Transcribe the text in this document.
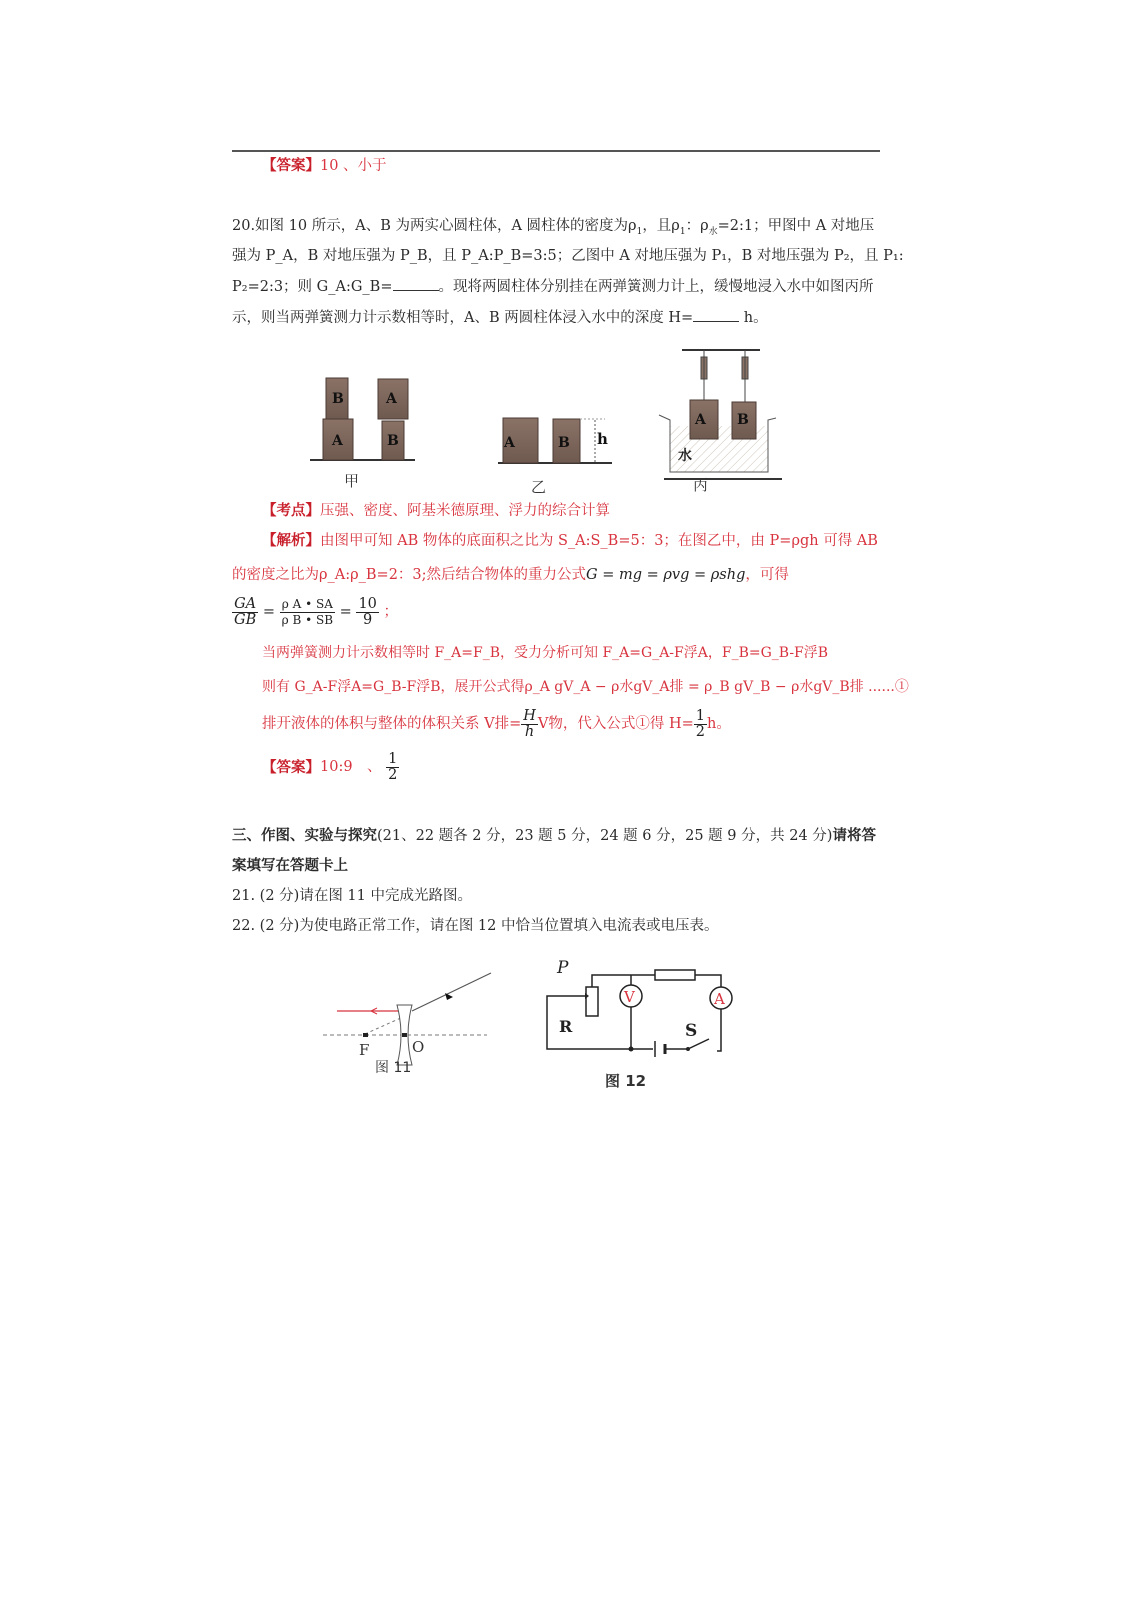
【答案】10 、小于
20.如图 10 所示，A、B 为两实心圆柱体，A 圆柱体的密度为$\rho_1$，且$\rho_1$：$\rho_水=2:1$；甲图中 A 对地压
强为 P_A，B 对地压强为 P_B，且 P_A:P_B=3:5；乙图中 A 对地压强为 P₁，B 对地压强为 P₂，且 P₁:
P₂=2:3；则 G_A:G_B=	。现将两圆柱体分别挂在两弹簧测力计上，缓慢地浸入水中如图丙所
示，则当两弹簧测力计示数相等时，A、B 两圆柱体浸入水中的深度 H=	h。
B
A
A
B	A	B h
A B
水
甲	乙	丙
【考点】压强、密度、阿基米德原理、浮力的综合计算
【解析】由图甲可知 AB 物体的底面积之比为 S_A:S_B=5：3；在图乙中，由 P=ρgh 可得 AB
的密度之比为ρ_A:ρ_B=2：3;然后结合物体的重力公式G = mg = ρvg = ρshg，可得
$\frac{GA}{GB} = \frac{\text{ρ A • SA}}{\text{ρ B • SB}} = \frac{10}{9}$ ；
当两弹簧测力计示数相等时 F_A=F_B，受力分析可知 F_A=G_A-F浮A，F_B=G_B-F浮B
则有 G_A-F浮A=G_B-F浮B，展开公式得ρ_A gV_A − ρ水gV_A排 = ρ_B gV_B − ρ水gV_B排 ......①
排开液体的体积与整体的体积关系 V排= $\frac{H}{h}$ V物，代入公式①得 $H= \frac{1}{2}$ h。
【答案】10:9　、 $\frac{1}{2}$
三、作图、实验与探究(21、22 题各 2 分，23 题 5 分，24 题 6 分，25 题 9 分，共 24 分)请将答
案填写在答题卡上
21. (2 分)请在图 11 中完成光路图。
22. (2 分)为使电路正常工作，请在图 12 中恰当位置填入电流表或电压表。
F	O
图 11
V	A
P
R	S
图 12
